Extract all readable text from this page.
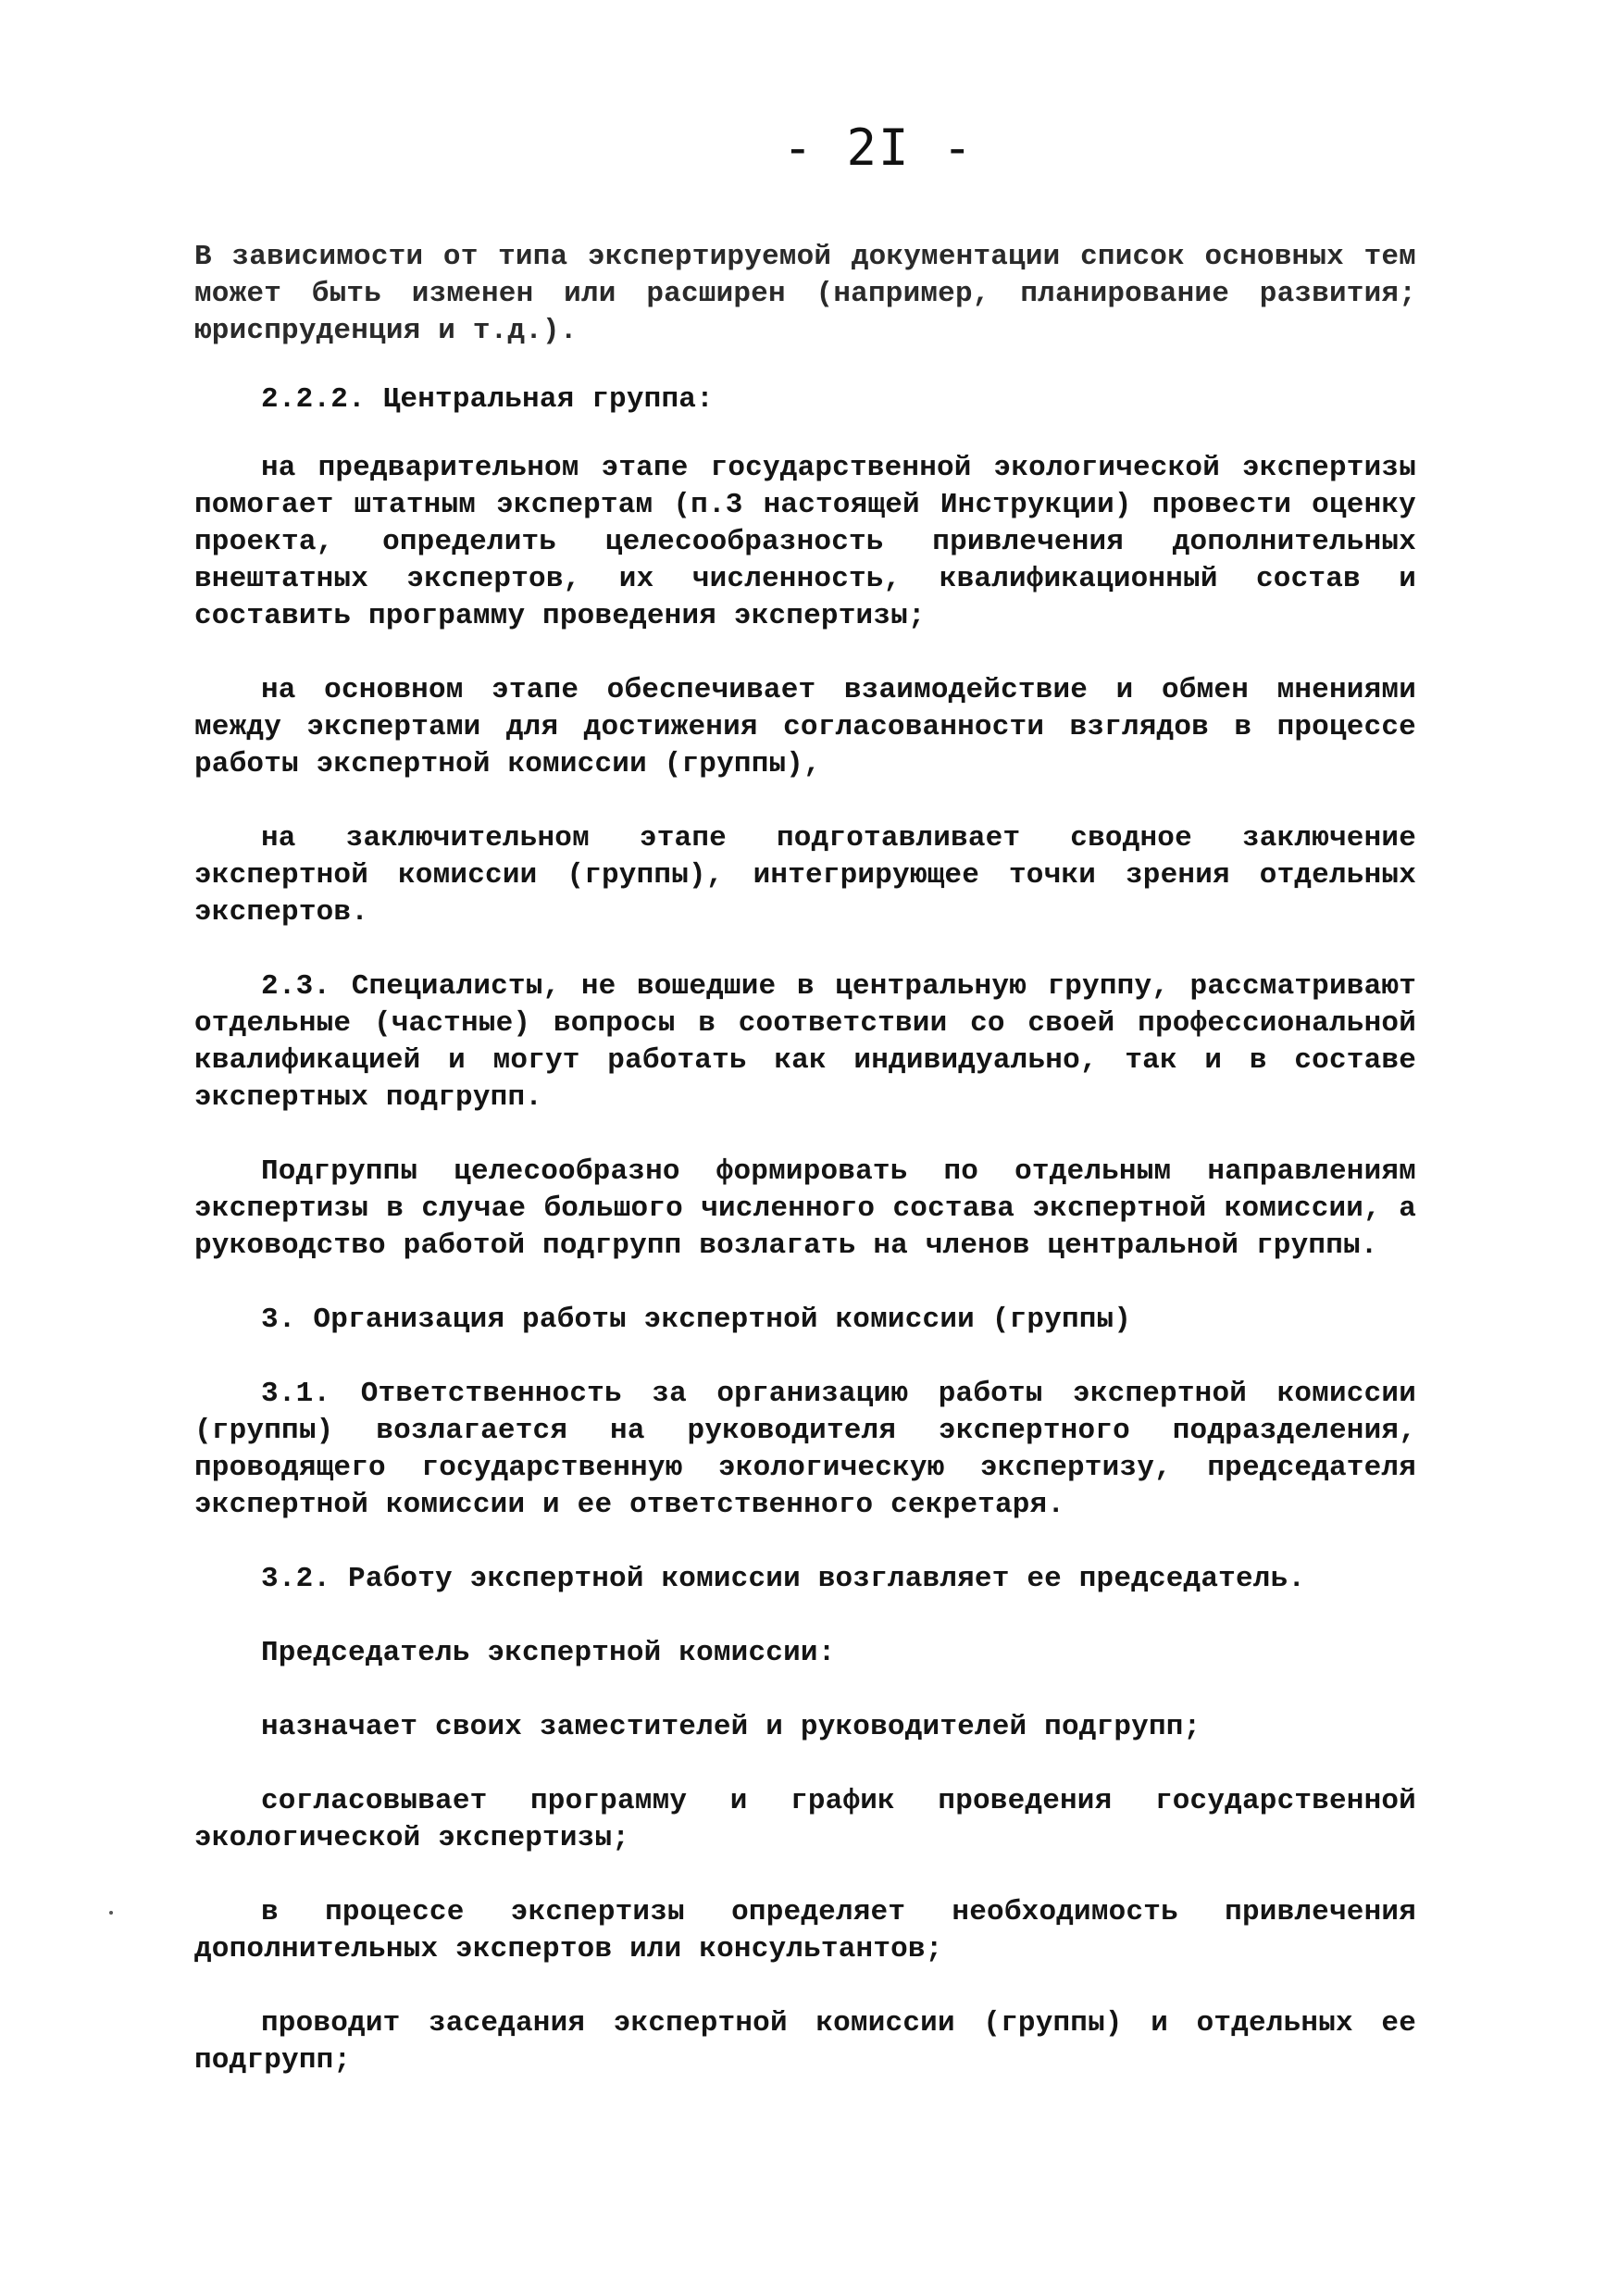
- 2I -

В зависимости от типа экспертируемой документации список основных тем может быть изменен или расширен (например, планирование развития; юриспруденция и т.д.).

2.2.2. Центральная группа:

на предварительном этапе государственной экологической экспертизы помогает штатным экспертам (п.3 настоящей Инструкции) провести оценку проекта, определить целесообразность привлечения дополнительных внештатных экспертов, их численность, квалификационный состав и составить программу проведения экспертизы;

на основном этапе обеспечивает взаимодействие и обмен мнениями между экспертами для достижения согласованности взглядов в процессе работы экспертной комиссии (группы),

на заключительном этапе подготавливает сводное заключение экспертной комиссии (группы), интегрирующее точки зрения отдельных экспертов.

2.3. Специалисты, не вошедшие в центральную группу, рассматривают отдельные (частные) вопросы в соответствии со своей профессиональной квалификацией и могут работать как индивидуально, так и в составе экспертных подгрупп.

Подгруппы целесообразно формировать по отдельным направлениям экспертизы в случае большого численного состава экспертной комиссии, а руководство работой подгрупп возлагать на членов центральной группы.

3. Организация работы экспертной комиссии (группы)

3.1. Ответственность за организацию работы экспертной комиссии (группы) возлагается на руководителя экспертного подразделения, проводящего государственную экологическую экспертизу, председателя экспертной комиссии и ее ответственного секретаря.

3.2. Работу экспертной комиссии возглавляет ее председатель.

Председатель экспертной комиссии:

назначает своих заместителей и руководителей подгрупп;

согласовывает программу и график проведения государственной экологической экспертизы;

в процессе экспертизы определяет необходимость привлечения дополнительных экспертов или консультантов;

проводит заседания экспертной комиссии (группы) и отдельных ее подгрупп;
